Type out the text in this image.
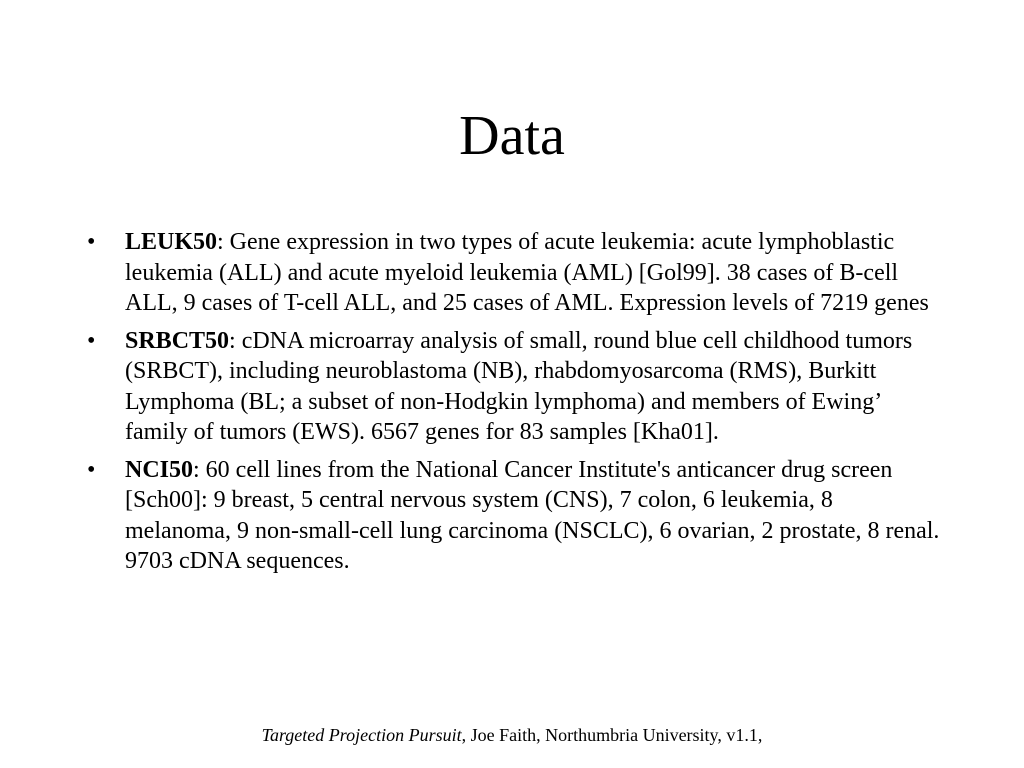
Data
• LEUK50: Gene expression in two types of acute leukemia: acute lymphoblastic leukemia (ALL) and acute myeloid leukemia (AML) [Gol99]. 38 cases of B-cell ALL, 9 cases of T-cell ALL, and 25 cases of AML. Expression levels of 7219 genes
• SRBCT50: cDNA microarray analysis of small, round blue cell childhood tumors (SRBCT), including neuroblastoma (NB), rhabdomyosarcoma (RMS), Burkitt Lymphoma (BL; a subset of non-Hodgkin lymphoma) and members of Ewing’ family of tumors (EWS). 6567 genes for 83 samples [Kha01].
• NCI50: 60 cell lines from the National Cancer Institute's anticancer drug screen [Sch00]: 9 breast, 5 central nervous system (CNS), 7 colon, 6 leukemia, 8 melanoma, 9 non-small-cell lung carcinoma (NSCLC), 6 ovarian, 2 prostate, 8 renal. 9703 cDNA sequences.
Targeted Projection Pursuit, Joe Faith, Northumbria University, v1.1,
